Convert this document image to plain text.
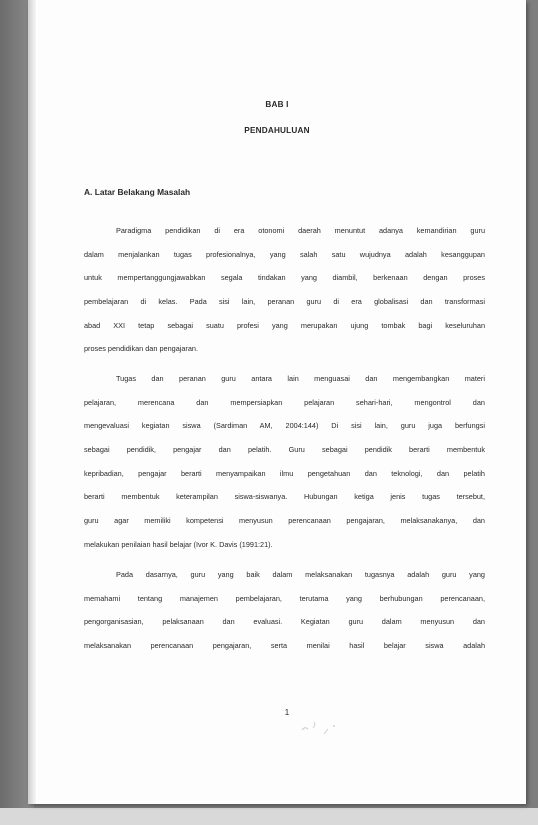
BAB I
PENDAHULUAN
A. Latar Belakang Masalah
Paradigma pendidikan di era otonomi daerah menuntut adanya kemandirian guru
dalam menjalankan tugas profesionalnya, yang salah satu wujudnya adalah kesanggupan
untuk mempertanggungjawabkan segala tindakan yang diambil, berkenaan dengan proses
pembelajaran di kelas. Pada sisi lain, peranan guru di era globalisasi dan transformasi
abad XXI tetap sebagai suatu profesi yang merupakan ujung tombak bagi keseluruhan
proses pendidikan dan pengajaran.
Tugas dan peranan guru antara lain menguasai dan mengembangkan materi
pelajaran, merencana dan mempersiapkan pelajaran sehari-hari, mengontrol dan
mengevaluasi kegiatan siswa (Sardiman AM, 2004:144) Di sisi lain, guru juga berfungsi
sebagai pendidik, pengajar dan pelatih. Guru sebagai pendidik berarti membentuk
kepribadian, pengajar berarti menyampaikan ilmu pengetahuan dan teknologi, dan pelatih
berarti membentuk keterampilan siswa-siswanya. Hubungan ketiga jenis tugas tersebut,
guru agar memiliki kompetensi menyusun perencanaan pengajaran, melaksanakanya, dan
melakukan penilaian hasil belajar (Ivor K. Davis (1991:21).
Pada dasarnya, guru yang baik dalam melaksanakan tugasnya adalah guru yang
memahami tentang manajemen pembelajaran, terutama yang berhubungan perencanaan,
pengorganisasian, pelaksanaan dan evaluasi. Kegiatan guru dalam menyusun dan
melaksanakan perencanaan pengajaran, serta menilai hasil belajar siswa adalah
1
